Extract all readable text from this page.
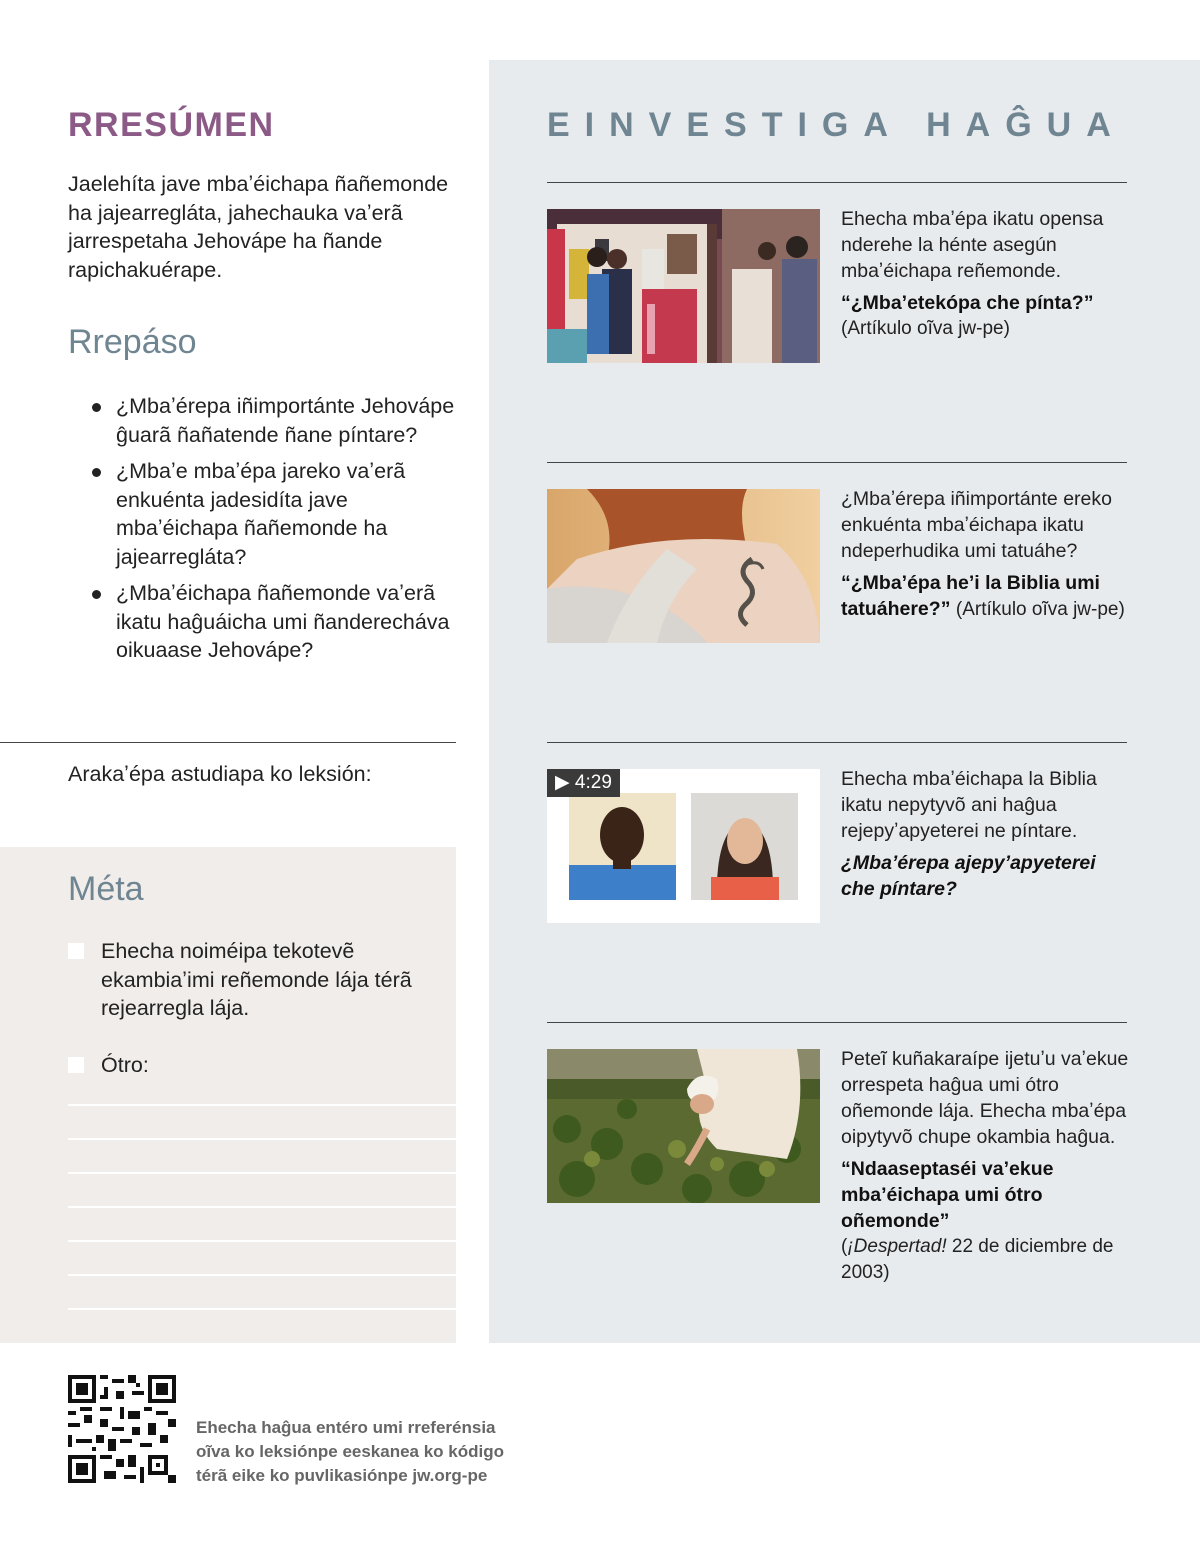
RRESÚMEN
Jaelehíta jave mbaʼéichapa ñañemonde ha jajearregláta, jahechauka vaʼerã jarrespetaha Jehovápe ha ñande rapichakuérape.
Rrepáso
¿Mbaʼérepa iñimportánte Jehovápe ĝuarã ñañatende ñane píntare?
¿Mbaʼe mbaʼépa jareko vaʼerã enkuénta jadesidíta jave mbaʼéichapa ñañemonde ha jajearregláta?
¿Mbaʼéichapa ñañemonde vaʼerã ikatu haĝuáicha umi ñanderecháva oikuaase Jehovápe?
Arakaʼépa astudiapa ko leksión:
Méta
Ehecha noiméipa tekotevẽ ekambiaʼimi reñemonde lája térã rejearregla lája.
Ótro:
EINVESTIGA HAĜUA
Ehecha mbaʼépa ikatu opensa nderehe la hénte asegún mbaʼéichapa reñemonde.
“¿Mbaʼetekópa che pínta?”
(Artíkulo oĩva jw-pe)
¿Mbaʼérepa iñimportánte ereko enkuénta mbaʼéichapa ikatu ndeperhudika umi tatuáhe?
“¿Mbaʼépa heʼi la Biblia umi tatuáhere?” (Artíkulo oĩva jw-pe)
▶ 4:29	Ehecha mbaʼéichapa la Biblia ikatu nepytyvõ ani haĝua rejepyʼapyeterei ne píntare.
¿Mbaʼérepa ajepyʼapyeterei che píntare?
Peteĩ kuñakaraípe ijetuʼu vaʼekue orrespeta haĝua umi ótro oñemonde lája. Ehecha mbaʼépa oipytyvõ chupe okambia haĝua.
“Ndaaseptaséi vaʼekue mbaʼéichapa umi ótro oñemonde”
(¡Despertad! 22 de diciembre de 2003)
Ehecha haĝua entéro umi rreferénsia oĩva ko leksiónpe eeskanea ko kódigo térã eike ko puvlikasiónpe jw.org-pe
